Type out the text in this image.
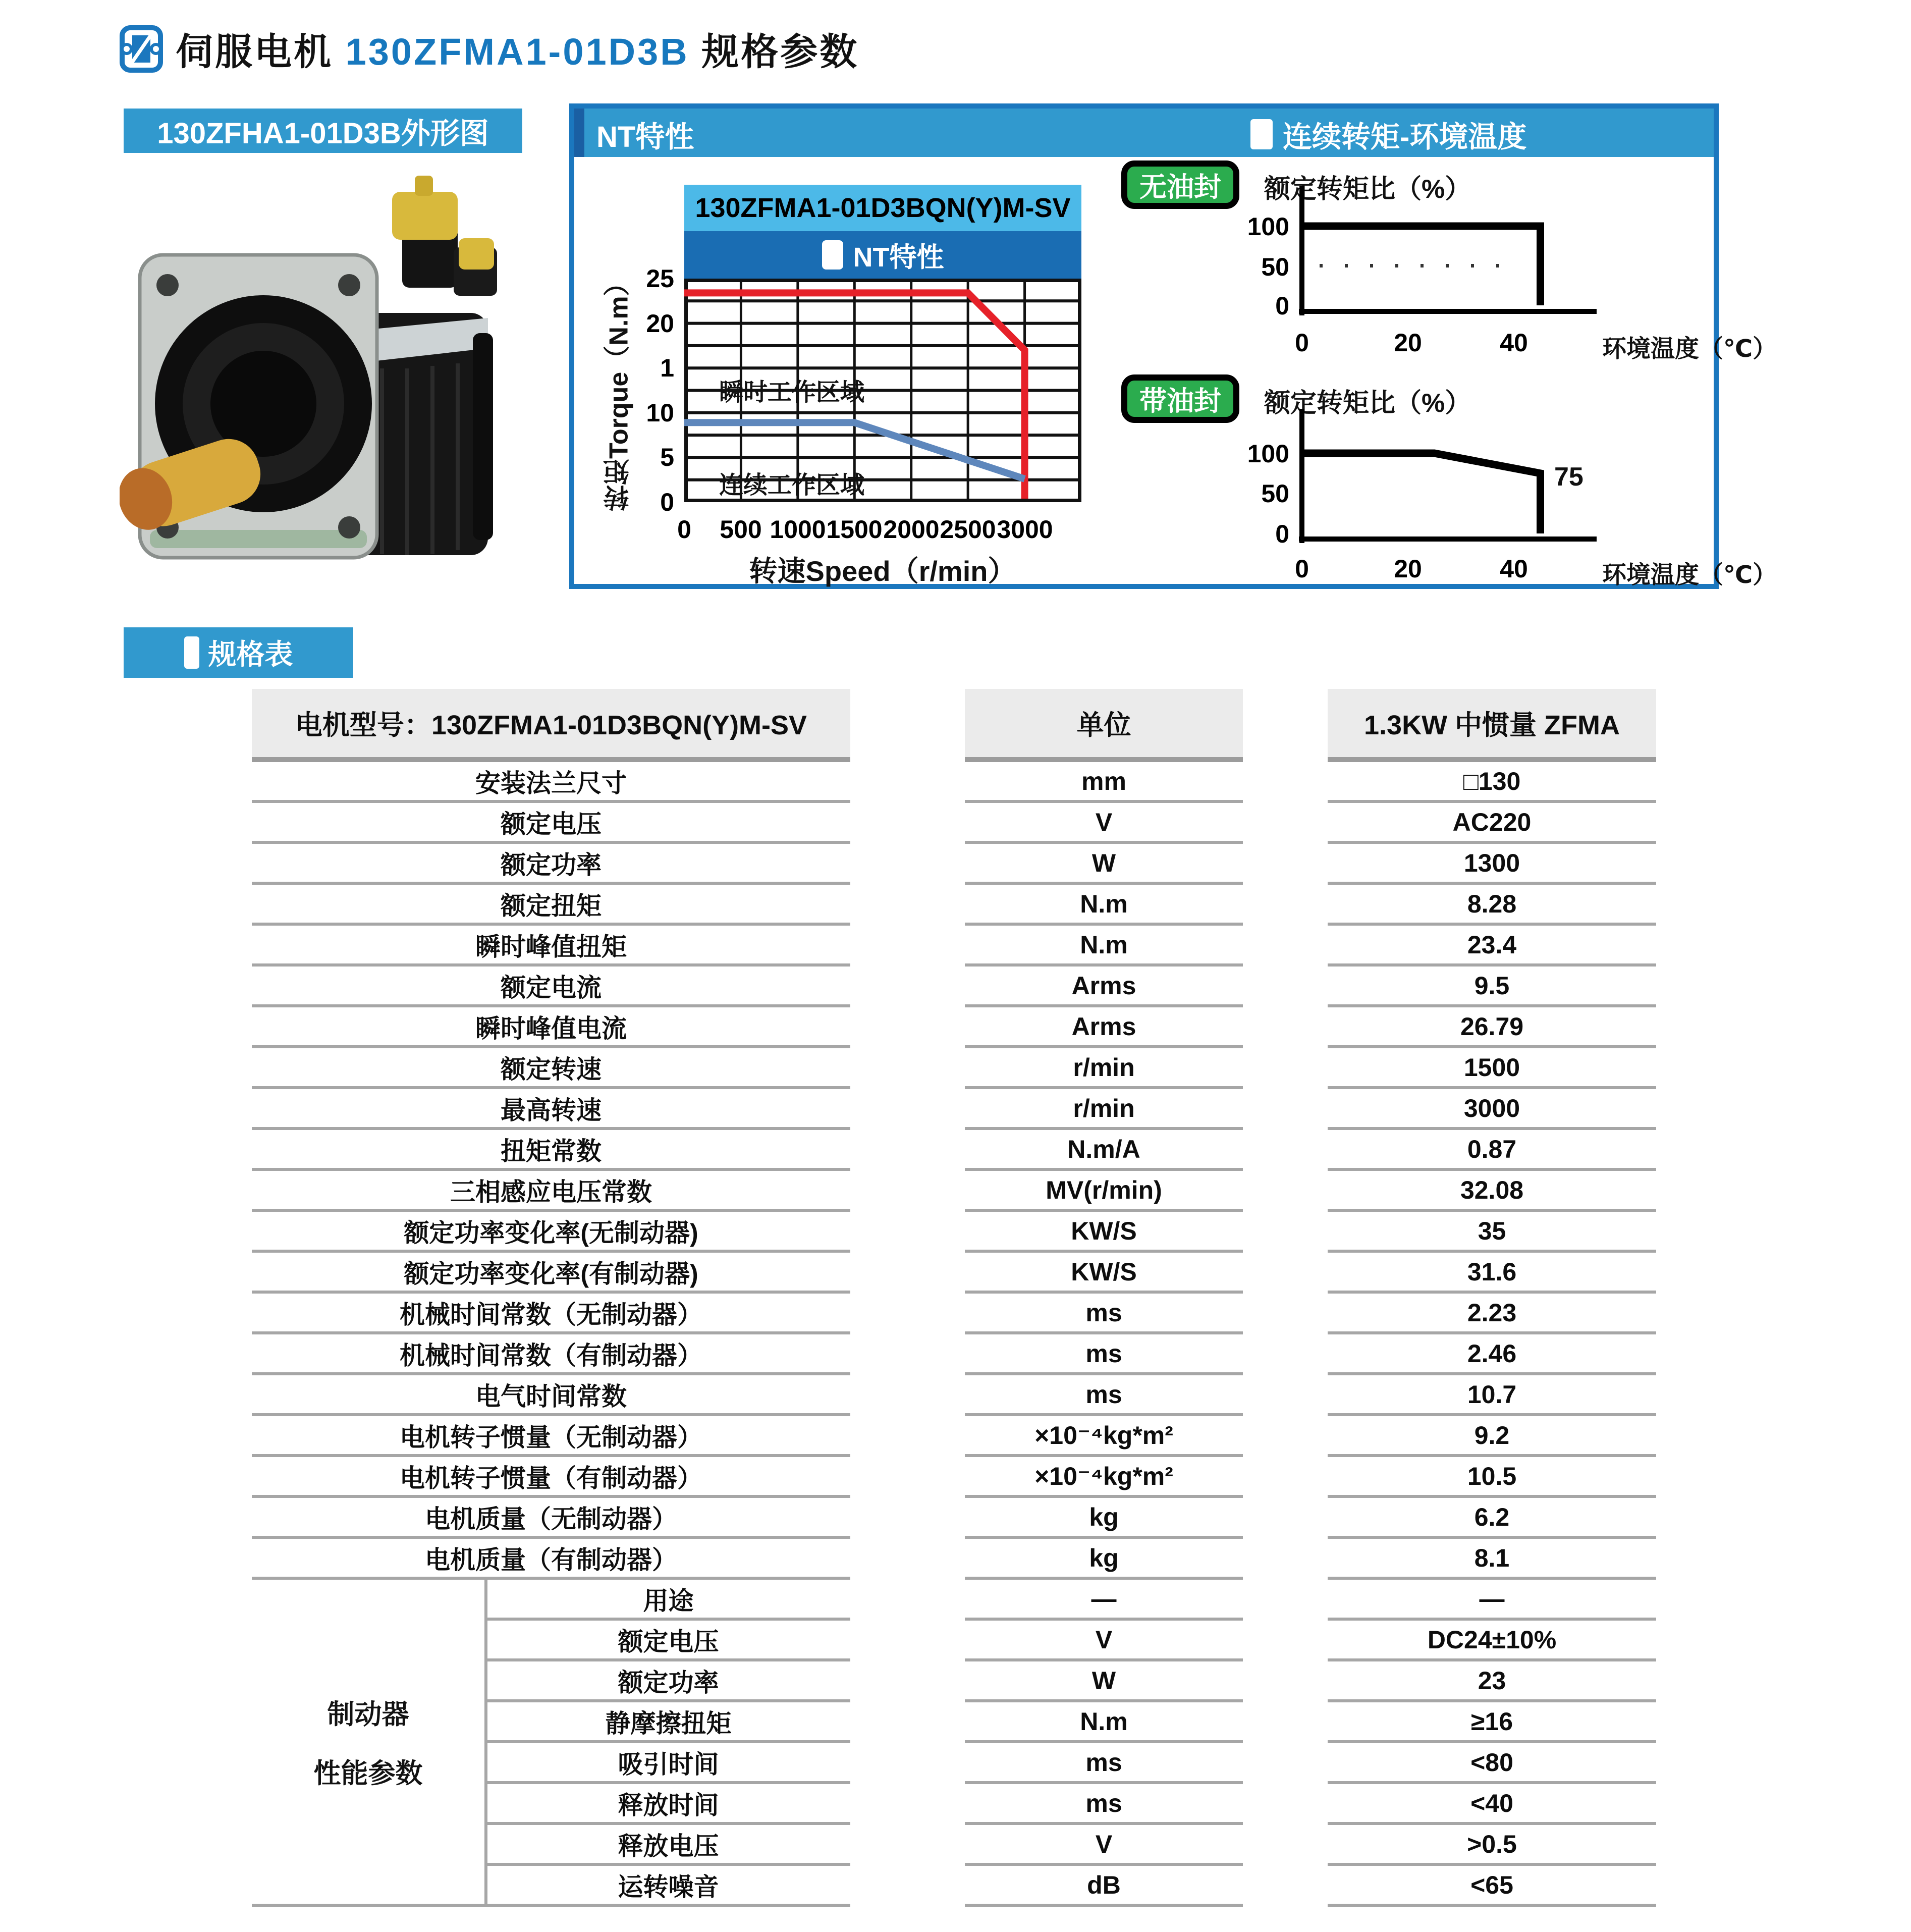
伺服电机 130ZFMA1-01D3B 规格参数
130ZFHA1-01D3B外形图	NT特性	连续转矩-环境温度
130ZFMA1-01D3BQN(Y)M-SV
NT特性
转矩Torque（N.m）
转速Speed（r/min）
25
20
1
10
5
0
0 500 1000 1500 2000 2500 3000
瞬时工作区域
连续工作区域
无油封	额定转矩比（%）
100
50
0
0	20	40	环境温度（℃）
带油封	额定转矩比（%）
100
50
0
0	20	40	环境温度（℃）
75
规格表
电机型号：130ZFMA1-01D3BQN(Y)M-SV	单位	1.3KW 中惯量 ZFMA
安装法兰尺寸	mm	□130
额定电压	V	AC220
额定功率	W	1300
额定扭矩	N.m	8.28
瞬时峰值扭矩	N.m	23.4
额定电流	Arms	9.5
瞬时峰值电流	Arms	26.79
额定转速	r/min	1500
最高转速	r/min	3000
扭矩常数	N.m/A	0.87
三相感应电压常数	MV(r/min)	32.08
额定功率变化率(无制动器)	KW/S	35
额定功率变化率(有制动器)	KW/S	31.6
机械时间常数（无制动器）	ms	2.23
机械时间常数（有制动器）	ms	2.46
电气时间常数	ms	10.7
电机转子惯量（无制动器）	×10⁻⁴kg*m²	9.2
电机转子惯量（有制动器）	×10⁻⁴kg*m²	10.5
电机质量（无制动器）	kg	6.2
电机质量（有制动器）	kg	8.1
用途	—	—
额定电压	V	DC24±10%
额定功率	W	23
静摩擦扭矩	N.m	≥16
吸引时间	ms	<80
释放时间	ms	<40
释放电压	V	>0.5
运转噪音	dB	<65
制动器
性能参数
